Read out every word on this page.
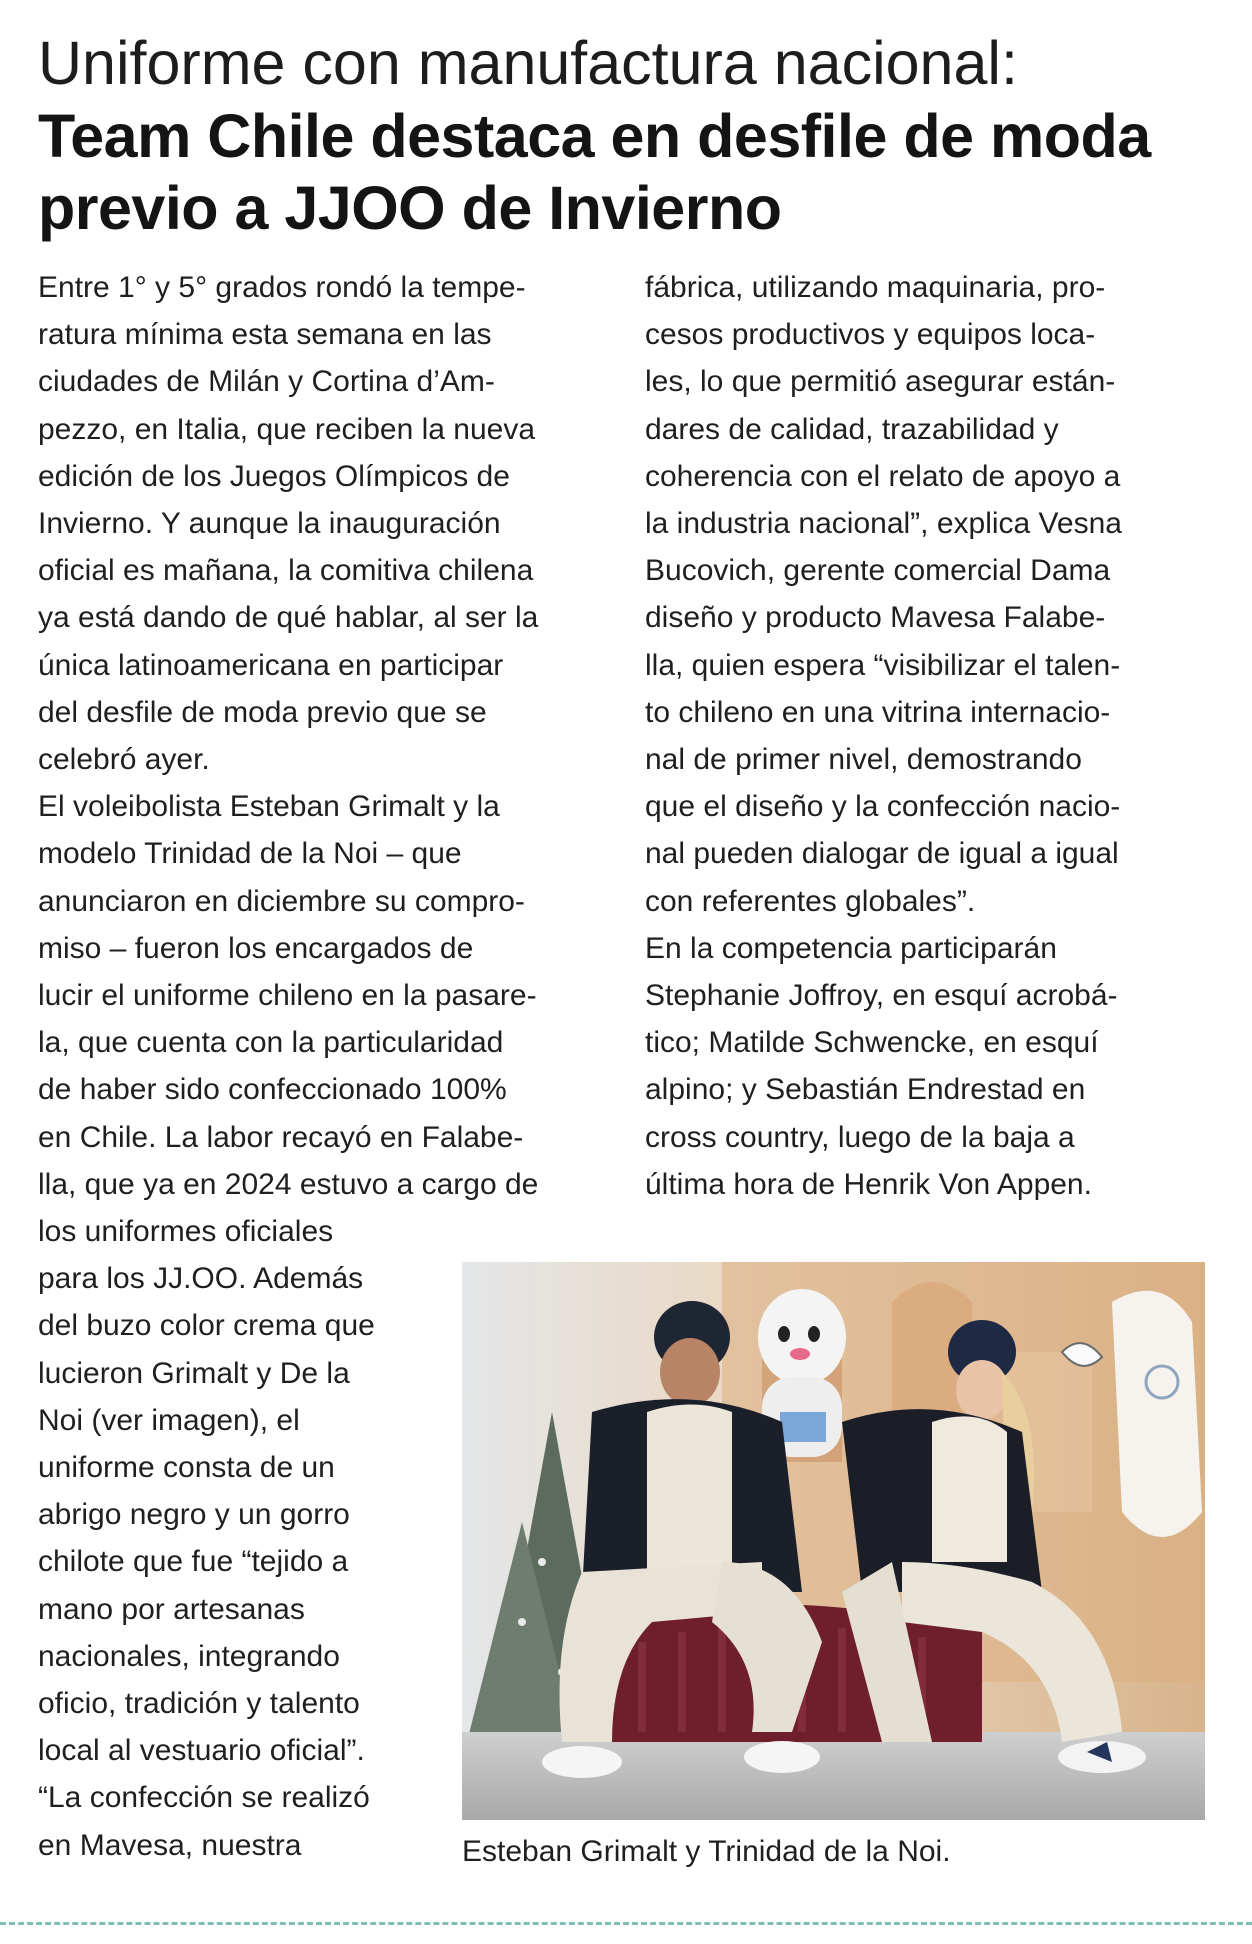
Uniforme con manufactura nacional:
Team Chile destaca en desfile de moda
previo a JJOO de Invierno
Entre 1° y 5° grados rondó la tempe-
ratura mínima esta semana en las
ciudades de Milán y Cortina d’Am-
pezzo, en Italia, que reciben la nueva
edición de los Juegos Olímpicos de
Invierno. Y aunque la inauguración
oficial es mañana, la comitiva chilena
ya está dando de qué hablar, al ser la
única latinoamericana en participar
del desfile de moda previo que se
celebró ayer.
El voleibolista Esteban Grimalt y la
modelo Trinidad de la Noi – que
anunciaron en diciembre su compro-
miso – fueron los encargados de
lucir el uniforme chileno en la pasare-
la, que cuenta con la particularidad
de haber sido confeccionado 100%
en Chile. La labor recayó en Falabe-
lla, que ya en 2024 estuvo a cargo de
los uniformes oficiales
para los JJ.OO. Además
del buzo color crema que
lucieron Grimalt y De la
Noi (ver imagen), el
uniforme consta de un
abrigo negro y un gorro
chilote que fue “tejido a
mano por artesanas
nacionales, integrando
oficio, tradición y talento
local al vestuario oficial”.
“La confección se realizó
en Mavesa, nuestra
fábrica, utilizando maquinaria, pro-
cesos productivos y equipos loca-
les, lo que permitió asegurar están-
dares de calidad, trazabilidad y
coherencia con el relato de apoyo a
la industria nacional”, explica Vesna
Bucovich, gerente comercial Dama
diseño y producto Mavesa Falabe-
lla, quien espera “visibilizar el talen-
to chileno en una vitrina internacio-
nal de primer nivel, demostrando
que el diseño y la confección nacio-
nal pueden dialogar de igual a igual
con referentes globales”.
En la competencia participarán
Stephanie Joffroy, en esquí acrobá-
tico; Matilde Schwencke, en esquí
alpino; y Sebastián Endrestad en
cross country, luego de la baja a
última hora de Henrik Von Appen.
Esteban Grimalt y Trinidad de la Noi.
